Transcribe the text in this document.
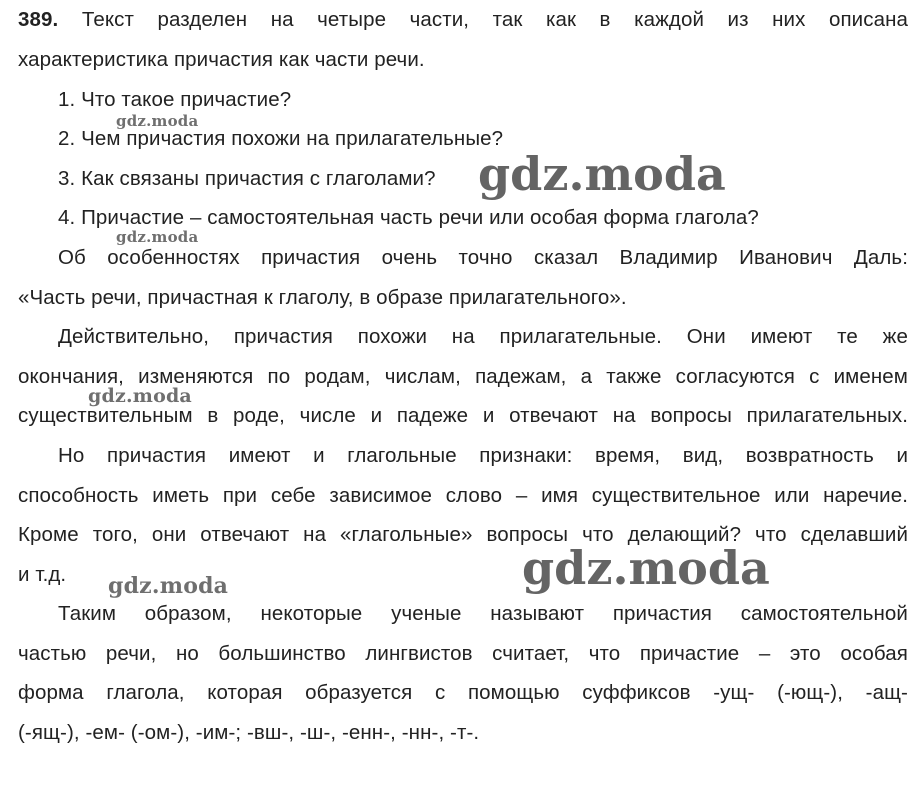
389. Текст разделен на четыре части, так как в каждой из них описана
характеристика причастия как части речи.
1. Что такое причастие?
2. Чем причастия похожи на прилагательные?
3. Как связаны причастия с глаголами?
4. Причастие – самостоятельная часть речи или особая форма глагола?
Об особенностях причастия очень точно сказал Владимир Иванович Даль:
«Часть речи, причастная к глаголу, в образе прилагательного».
Действительно, причастия похожи на прилагательные. Они имеют те же
окончания, изменяются по родам, числам, падежам, а также согласуются с именем
существительным в роде, числе и падеже и отвечают на вопросы прилагательных.
Но причастия имеют и глагольные признаки: время, вид, возвратность и
способность иметь при себе зависимое слово – имя существительное или наречие.
Кроме того, они отвечают на «глагольные» вопросы что делающий? что сделавший
и т.д.
Таким образом, некоторые ученые называют причастия самостоятельной
частью речи, но большинство лингвистов считает, что причастие – это особая
форма глагола, которая образуется с помощью суффиксов -ущ- (-ющ-), -ащ-
(-ящ-), -ем- (-ом-), -им-; -вш-, -ш-, -енн-, -нн-, -т-.
gdz.moda
gdz.moda
gdz.moda
gdz.moda
gdz.moda
gdz.moda
